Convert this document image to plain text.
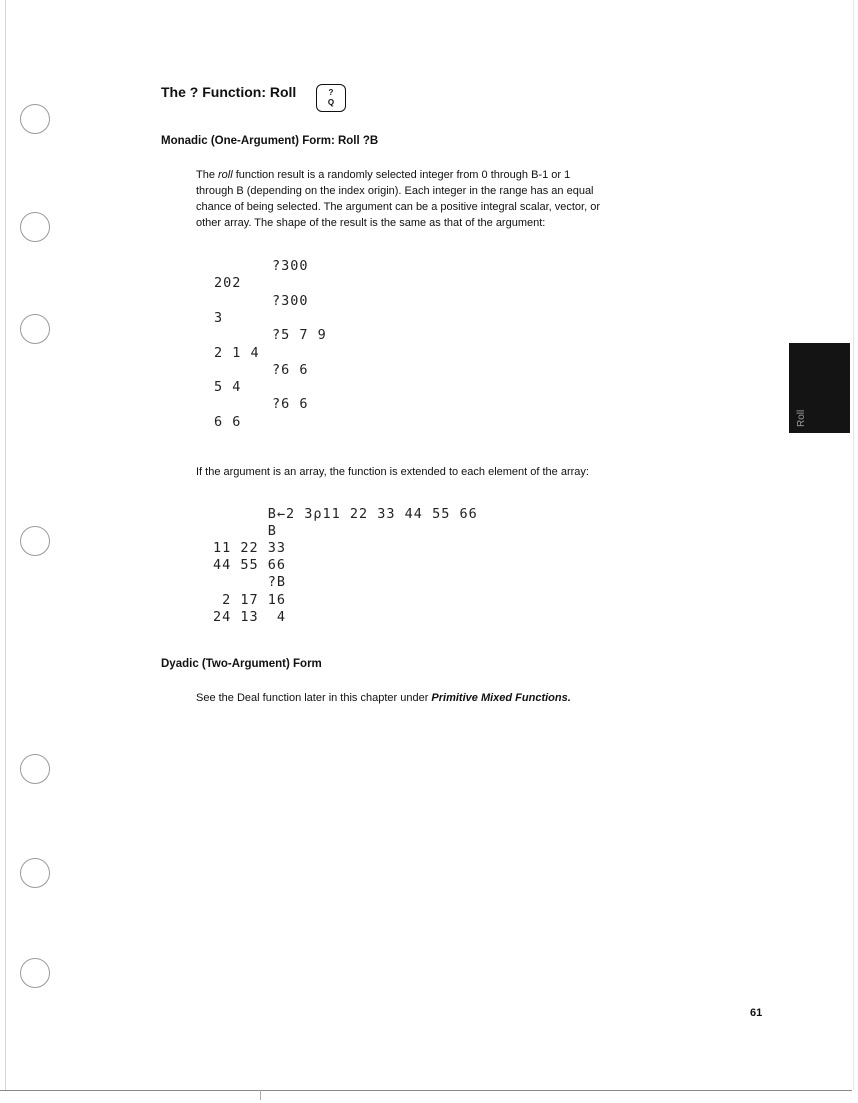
Roll
The ? Function: Roll	?
Q
Monadic (One-Argument) Form: Roll ?B

The roll function result is a randomly selected integer from 0 through B-1 or 1

through B (depending on the index origin). Each integer in the range has an equal

chance of being selected. The argument can be a positive integral scalar, vector, or

other array. The shape of the result is the same as that of the argument:

?300
202
?300
3
?5 7 9
2 1 4
?6 6
5 4
?6 6
6 6

If the argument is an array, the function is extended to each element of the array:

B←2 3⍴11 22 33 44 55 66
B
11 22 33
44 55 66
?B
2 17 16
24 13  4
Dyadic (Two-Argument) Form

See the Deal function later in this chapter under Primitive Mixed Functions.

61
